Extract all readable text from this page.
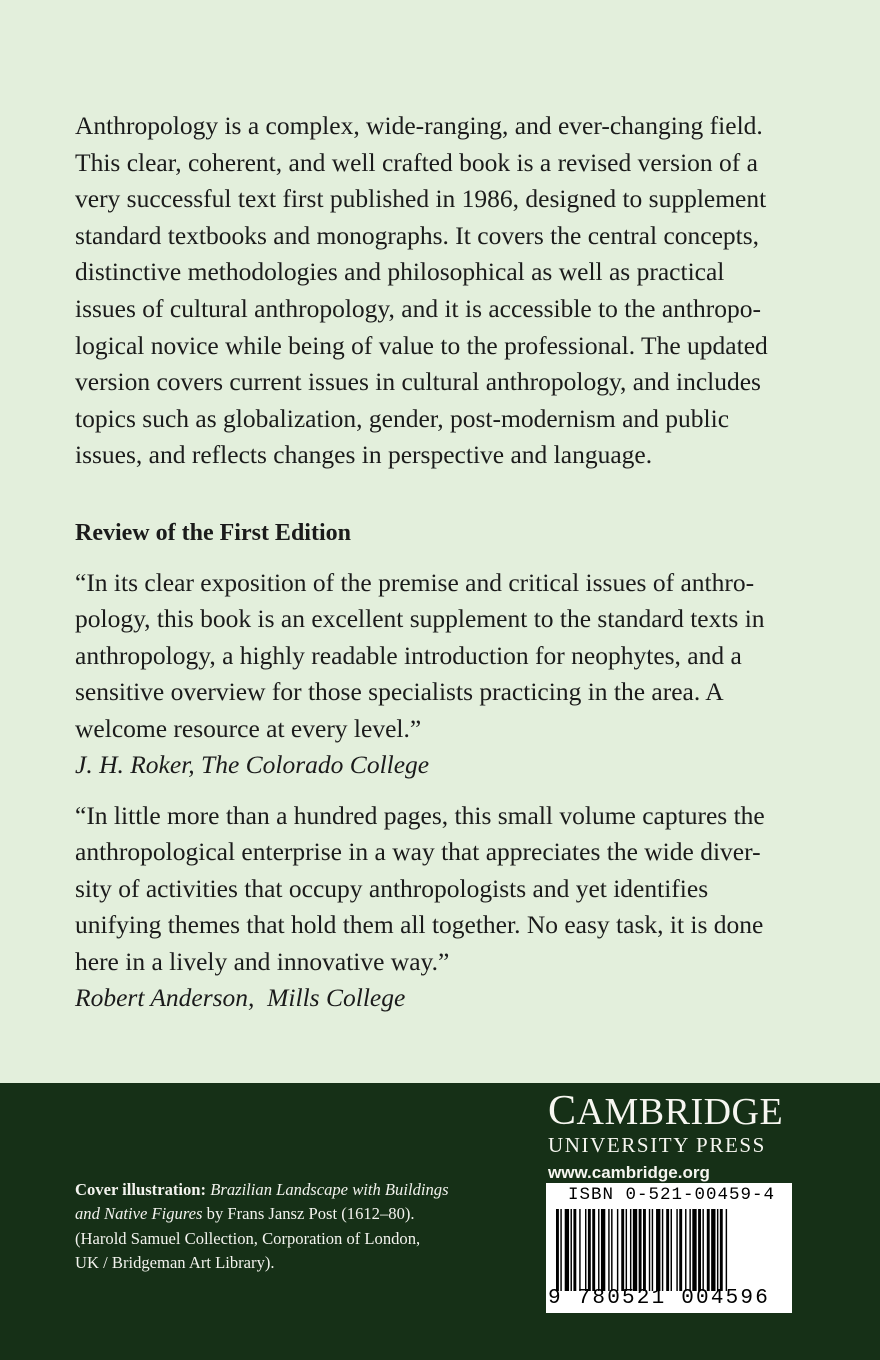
Anthropology is a complex, wide-ranging, and ever-changing field.
This clear, coherent, and well crafted book is a revised version of a
very successful text first published in 1986, designed to supplement
standard textbooks and monographs. It covers the central concepts,
distinctive methodologies and philosophical as well as practical
issues of cultural anthropology, and it is accessible to the anthropo-
logical novice while being of value to the professional. The updated
version covers current issues in cultural anthropology, and includes
topics such as globalization, gender, post-modernism and public
issues, and reflects changes in perspective and language.
Review of the First Edition
“In its clear exposition of the premise and critical issues of anthro-
pology, this book is an excellent supplement to the standard texts in
anthropology, a highly readable introduction for neophytes, and a
sensitive overview for those specialists practicing in the area. A
welcome resource at every level.”
J. H. Roker, The Colorado College
“In little more than a hundred pages, this small volume captures the
anthropological enterprise in a way that appreciates the wide diver-
sity of activities that occupy anthropologists and yet identifies
unifying themes that hold them all together. No easy task, it is done
here in a lively and innovative way.”
Robert Anderson,  Mills College
CAMBRIDGE
UNIVERSITY PRESS
www.cambridge.org
Cover illustration: Brazilian Landscape with Buildings
and Native Figures by Frans Jansz Post (1612–80).
(Harold Samuel Collection, Corporation of London,
UK / Bridgeman Art Library).
ISBN 0-521-00459-4
9 780521 004596
